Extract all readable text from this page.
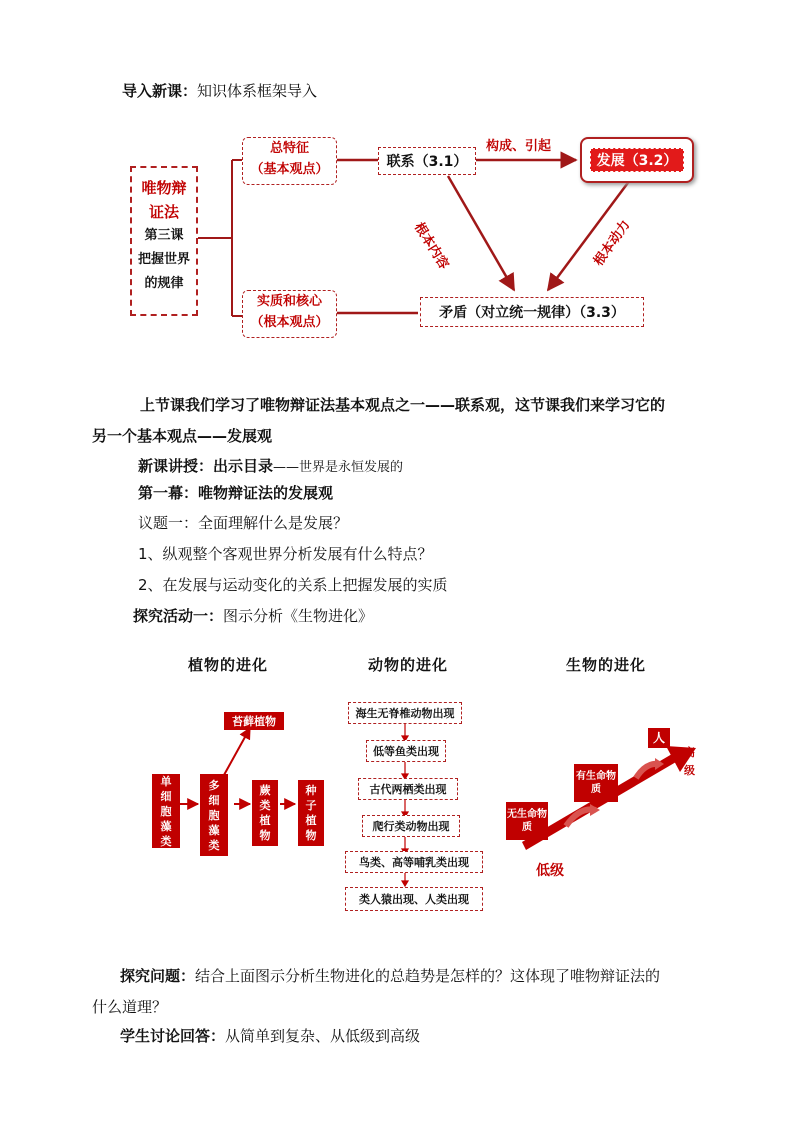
导入新课：知识体系框架导入
唯物辩
证法
第三课
把握世界
的规律
总特征
（基本观点）
实质和核心
（根本观点）
联系（3.1）	发展（3.2）
矛盾（对立统一规律）（3.3）
构成、引起
根本内容	根本动力
上节课我们学习了唯物辩证法基本观点之一——联系观，这节课我们来学习它的
另一个基本观点——发展观
新课讲授：出示目录——世界是永恒发展的
第一幕：唯物辩证法的发展观
议题一：全面理解什么是发展？
1、纵观整个客观世界分析发展有什么特点？
2、在发展与运动变化的关系上把握发展的实质
探究活动一：图示分析《生物进化》
植物的进化
苔藓植物
单细胞藻类
多细胞藻类
蕨类植物
种子植物
动物的进化
海生无脊椎动物出现
低等鱼类出现
古代两栖类出现
爬行类动物出现
鸟类、高等哺乳类出现
类人猿出现、人类出现
生物的进化
无生命物质
有生命物质
人
高级
低级
探究问题：结合上面图示分析生物进化的总趋势是怎样的？这体现了唯物辩证法的
什么道理？
学生讨论回答：从简单到复杂、从低级到高级
